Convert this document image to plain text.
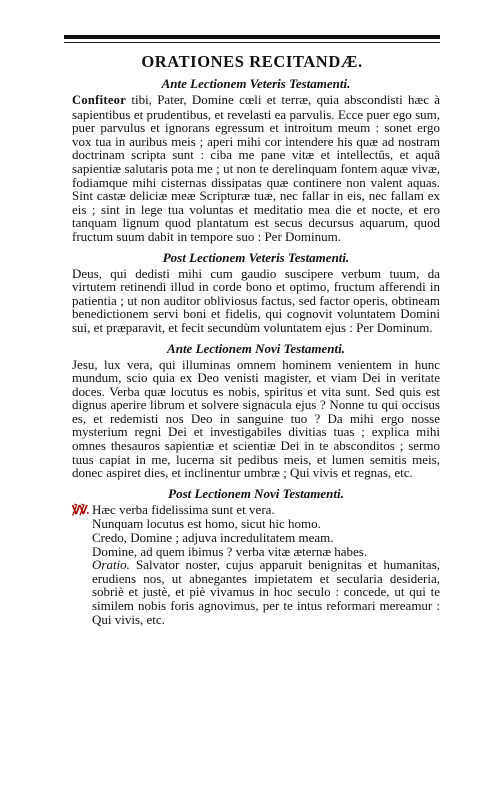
ORATIONES RECITANDÆ.
Ante Lectionem Veteris Testamenti.

Confiteor tibi, Pater, Domine cœli et terræ, quia abscondisti hæc à sapientibus et prudentibus, et revelasti ea parvulis. Ecce puer ego sum, puer parvulus et ignorans egressum et introitum meum : sonet ergo vox tua in auribus meis ; aperi mihi cor intendere his quæ ad nostram doctrinam scripta sunt : ciba me pane vitæ et intellectûs, et aquâ sapientiæ salutaris pota me ; ut non te derelinquam fontem aquæ vivæ, fodiamque mihi cisternas dissipatas quæ continere non valent aquas. Sint castæ deliciæ meæ Scripturæ tuæ, nec fallar in eis, nec fallam ex eis ; sint in lege tua voluntas et meditatio mea die et nocte, et ero tanquam lignum quod plantatum est secus decursus aquarum, quod fructum suum dabit in tempore suo : Per Dominum.

Post Lectionem Veteris Testamenti.

Deus, qui dedisti mihi cum gaudio suscipere verbum tuum, da virtutem retinendi illud in corde bono et optimo, fructum afferendi in patientia ; ut non auditor obliviosus factus, sed factor operis, obtineam benedictionem servi boni et fidelis, qui cognovit voluntatem Domini sui, et præparavit, et fecit secundùm voluntatem ejus : Per Dominum.

Ante Lectionem Novi Testamenti.

Jesu, lux vera, qui illuminas omnem hominem venientem in hunc mundum, scio quia ex Deo venisti magister, et viam Dei in veritate doces. Verba quæ locutus es nobis, spiritus et vita sunt. Sed quis est dignus aperire librum et solvere signacula ejus ? Nonne tu qui occisus es, et redemisti nos Deo in sanguine tuo ? Da mihi ergo nosse mysterium regni Dei et investigabiles divitias tuas ; explica mihi omnes thesauros sapientiæ et scientiæ Dei in te absconditos ; sermo tuus capiat in me, lucerna sit pedibus meis, et lumen semitis meis, donec aspiret dies, et inclinentur umbræ ; Qui vivis et regnas, etc.

Post Lectionem Novi Testamenti.

℣℣. Hæc verba fidelissima sunt et vera.

Nunquam locutus est homo, sicut hic homo.

Credo, Domine ; adjuva incredulitatem meam.

Domine, ad quem ibimus ? verba vitæ æternæ habes.

Oratio. Salvator noster, cujus apparuit benignitas et humanitas, erudiens nos, ut abnegantes impietatem et secularia desideria, sobriè et justè, et piè vivamus in hoc seculo : concede, ut qui te similem nobis foris agnovimus, per te intus reformari mereamur : Qui vivis, etc.
